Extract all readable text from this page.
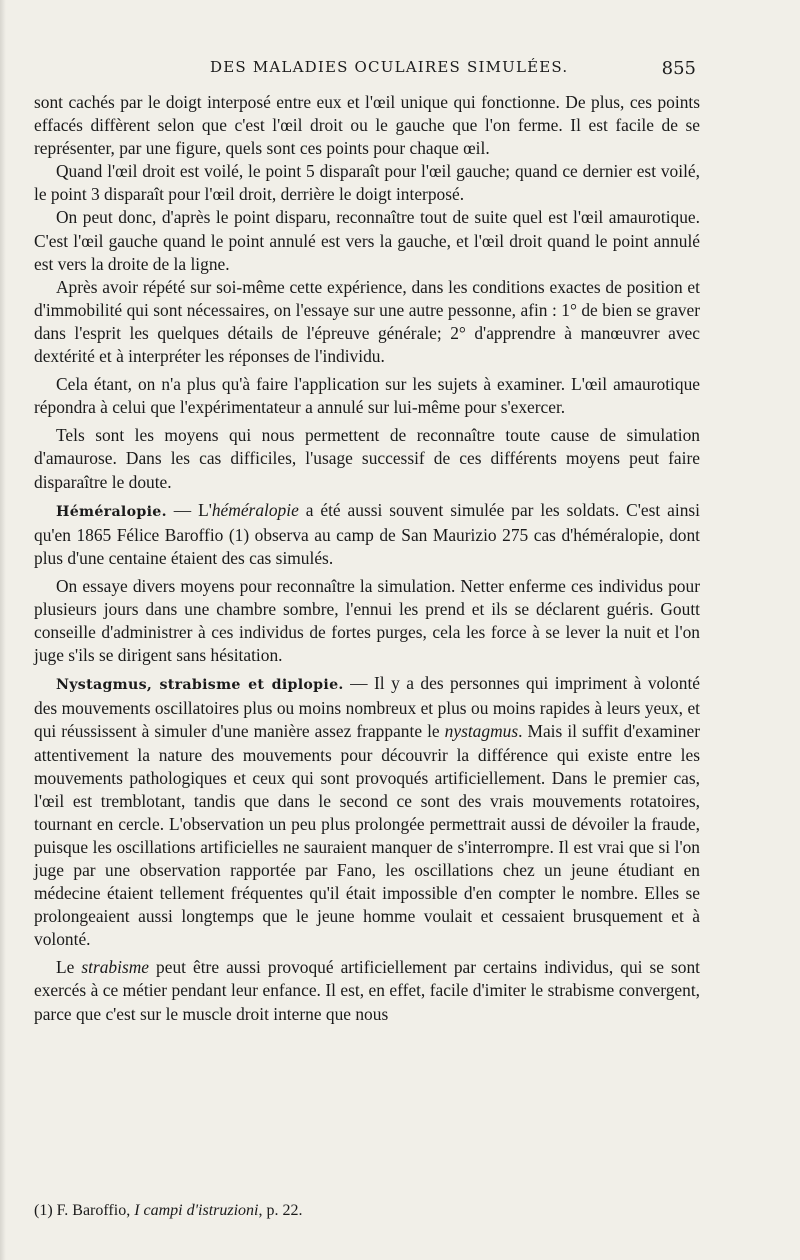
DES MALADIES OCULAIRES SIMULÉES.	855

sont cachés par le doigt interposé entre eux et l'œil unique qui fonctionne. De plus, ces points effacés diffèrent selon que c'est l'œil droit ou le gauche que l'on ferme. Il est facile de se représenter, par une figure, quels sont ces points pour chaque œil.

Quand l'œil droit est voilé, le point 5 disparaît pour l'œil gauche; quand ce dernier est voilé, le point 3 disparaît pour l'œil droit, derrière le doigt interposé.

On peut donc, d'après le point disparu, reconnaître tout de suite quel est l'œil amaurotique. C'est l'œil gauche quand le point annulé est vers la gauche, et l'œil droit quand le point annulé est vers la droite de la ligne.

Après avoir répété sur soi-même cette expérience, dans les conditions exactes de position et d'immobilité qui sont nécessaires, on l'essaye sur une autre pessonne, afin : 1° de bien se graver dans l'esprit les quelques détails de l'épreuve générale; 2° d'apprendre à manœuvrer avec dextérité et à interpréter les réponses de l'individu.

Cela étant, on n'a plus qu'à faire l'application sur les sujets à examiner. L'œil amaurotique répondra à celui que l'expérimentateur a annulé sur lui-même pour s'exercer.

Tels sont les moyens qui nous permettent de reconnaître toute cause de simulation d'amaurose. Dans les cas difficiles, l'usage successif de ces différents moyens peut faire disparaître le doute.

Héméralopie. — L'héméralopie a été aussi souvent simulée par les soldats. C'est ainsi qu'en 1865 Félice Baroffio (1) observa au camp de San Maurizio 275 cas d'héméralopie, dont plus d'une centaine étaient des cas simulés.

On essaye divers moyens pour reconnaître la simulation. Netter enferme ces individus pour plusieurs jours dans une chambre sombre, l'ennui les prend et ils se déclarent guéris. Goutt conseille d'administrer à ces individus de fortes purges, cela les force à se lever la nuit et l'on juge s'ils se dirigent sans hésitation.

Nystagmus, strabisme et diplopie. — Il y a des personnes qui impriment à volonté des mouvements oscillatoires plus ou moins nombreux et plus ou moins rapides à leurs yeux, et qui réussissent à simuler d'une manière assez frappante le nystagmus. Mais il suffit d'examiner attentivement la nature des mouvements pour découvrir la différence qui existe entre les mouvements pathologiques et ceux qui sont provoqués artificiellement. Dans le premier cas, l'œil est tremblotant, tandis que dans le second ce sont des vrais mouvements rotatoires, tournant en cercle. L'observation un peu plus prolongée permettrait aussi de dévoiler la fraude, puisque les oscillations artificielles ne sauraient manquer de s'interrompre. Il est vrai que si l'on juge par une observation rapportée par Fano, les oscillations chez un jeune étudiant en médecine étaient tellement fréquentes qu'il était impossible d'en compter le nombre. Elles se prolongeaient aussi longtemps que le jeune homme voulait et cessaient brusquement et à volonté.

Le strabisme peut être aussi provoqué artificiellement par certains individus, qui se sont exercés à ce métier pendant leur enfance. Il est, en effet, facile d'imiter le strabisme convergent, parce que c'est sur le muscle droit interne que nous

(1) F. Baroffio, I campi d'istruzioni, p. 22.
